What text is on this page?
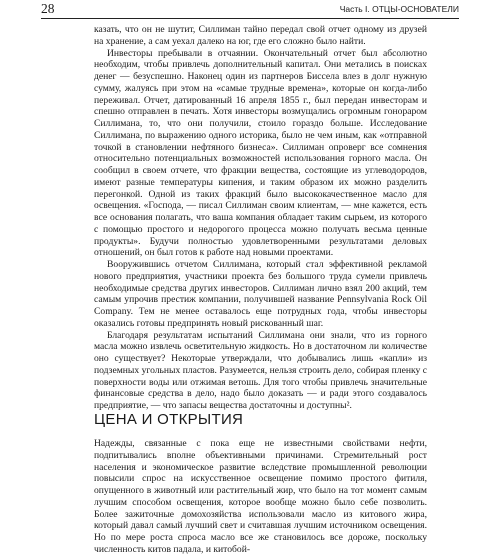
28	Часть I. ОТЦЫ-ОСНОВАТЕЛИ

казать, что он не шутит, Силлиман тайно передал свой отчет одному из друзей на хранение, а сам уехал далеко на юг, где его сложно было найти.

Инвесторы пребывали в отчаянии. Окончательный отчет был абсолютно необходим, чтобы привлечь дополнительный капитал. Они метались в поисках денег — безуспешно. Наконец один из партнеров Биссела влез в долг нужную сумму, жалуясь при этом на «самые трудные времена», которые он когда-либо переживал. Отчет, датированный 16 апреля 1855 г., был передан инвесторам и спешно отправлен в печать. Хотя инвесторы возмущались огромным гонораром Силлимана, то, что они получили, стоило гораздо больше. Исследование Силлимана, по выражению одного историка, было не чем иным, как «отправной точкой в становлении нефтяного бизнеса». Силлиман опроверг все сомнения относительно потенциальных возможностей использования горного масла. Он сообщил в своем отчете, что фракции вещества, состоящие из углеводородов, имеют разные температуры кипения, и таким образом их можно разделить перегонкой. Одной из таких фракций было высококачественное масло для освещения. «Господа, — писал Силлиман своим клиентам, — мне кажется, есть все основания полагать, что ваша компания обладает таким сырьем, из которого с помощью простого и недорогого процесса можно получать весьма ценные продукты». Будучи полностью удовлетворенными результатами деловых отношений, он был готов к работе над новыми проектами.

Вооружившись отчетом Силлимана, который стал эффективной рекламой нового предприятия, участники проекта без большого труда сумели привлечь необходимые средства других инвесторов. Силлиман лично взял 200 акций, тем самым упрочив престиж компании, получившей название Pennsylvania Rock Oil Company. Тем не менее оставалось еще потрудных года, чтобы инвесторы оказались готовы предпринять новый рискованный шаг.

Благодаря результатам испытаний Силлимана они знали, что из горного масла можно извлечь осветительную жидкость. Но в достаточном ли количестве оно существует? Некоторые утверждали, что добывались лишь «капли» из подземных угольных пластов. Разумеется, нельзя строить дело, собирая пленку с поверхности воды или отжимая ветошь. Для того чтобы привлечь значительные финансовые средства в дело, надо было доказать — и ради этого создавалось предприятие, — что запасы вещества достаточны и доступны².

ЦЕНА И ОТКРЫТИЯ

Надежды, связанные с пока еще не известными свойствами нефти, подпитывались вполне объективными причинами. Стремительный рост населения и экономическое развитие вследствие промышленной революции повысили спрос на искусственное освещение помимо простого фитиля, опущенного в животный или растительный жир, что было на тот момент самым лучшим способом освещения, которое вообще можно было себе позволить. Более зажиточные домохозяйства использовали масло из китового жира, который давал самый лучший свет и считавшая лучшим источником освещения. Но по мере роста спроса масло все же становилось все дороже, поскольку численность китов падала, и китобой-
